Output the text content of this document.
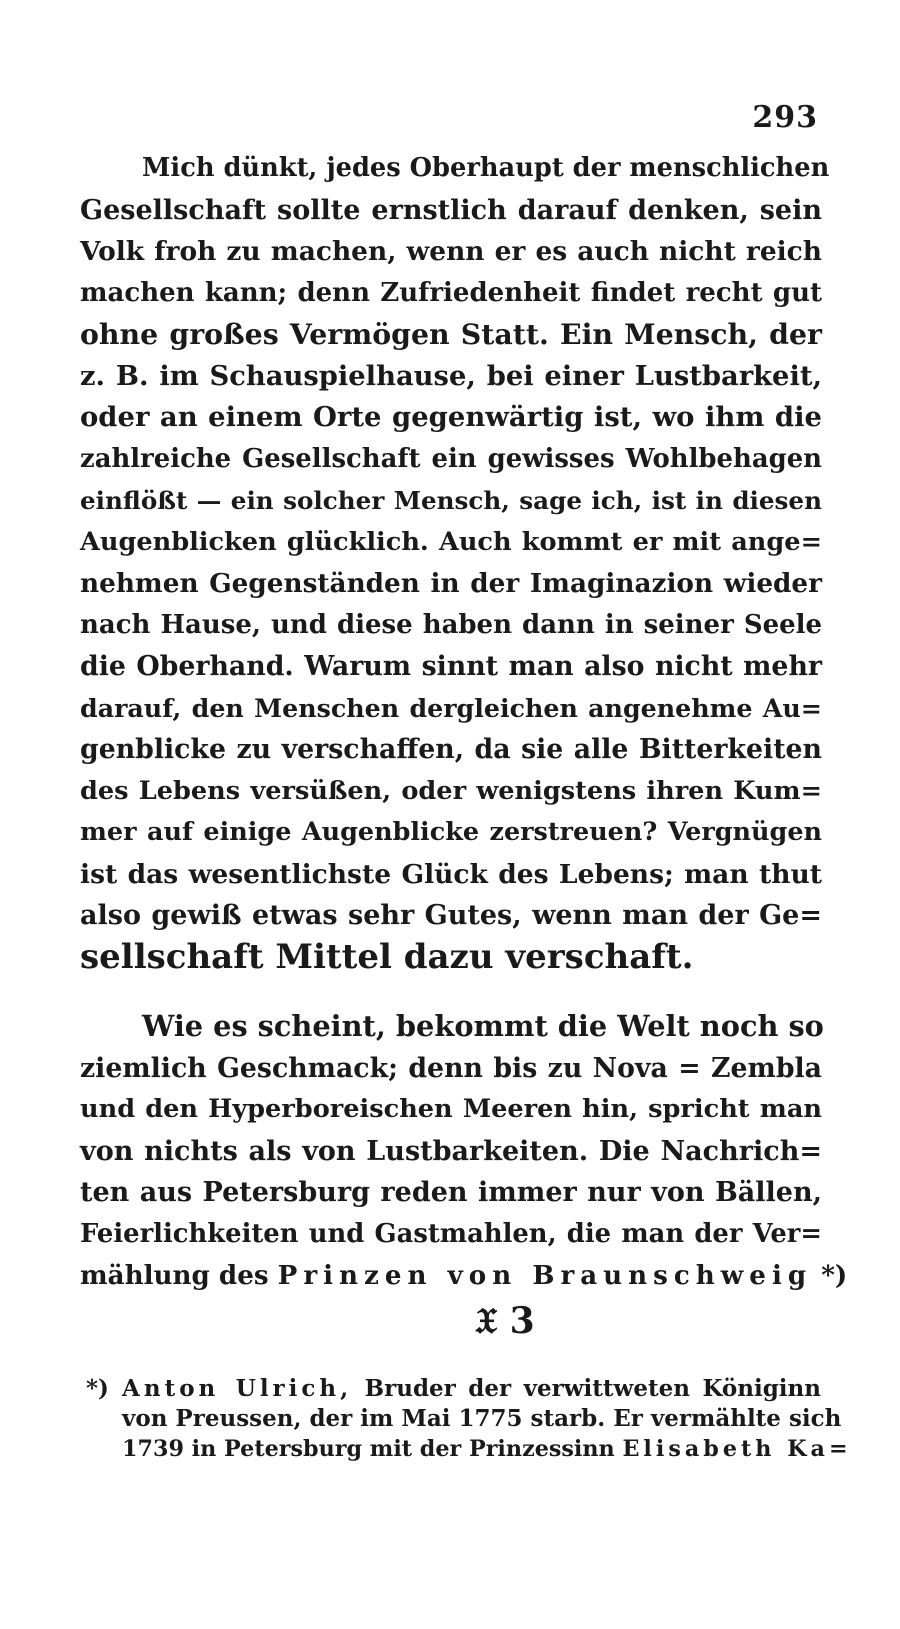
293

Mich dünkt, jedes Oberhaupt der menschlichen
Gesellschaft sollte ernstlich darauf denken, sein
Volk froh zu machen, wenn er es auch nicht reich
machen kann; denn Zufriedenheit findet recht gut
ohne großes Vermögen Statt. Ein Mensch, der
z. B. im Schauspielhause, bei einer Lustbarkeit,
oder an einem Orte gegenwärtig ist, wo ihm die
zahlreiche Gesellschaft ein gewisses Wohlbehagen
einflößt — ein solcher Mensch, sage ich, ist in diesen
Augenblicken glücklich. Auch kommt er mit ange=
nehmen Gegenständen in der Imaginazion wieder
nach Hause, und diese haben dann in seiner Seele
die Oberhand. Warum sinnt man also nicht mehr
darauf, den Menschen dergleichen angenehme Au=
genblicke zu verschaffen, da sie alle Bitterkeiten
des Lebens versüßen, oder wenigstens ihren Kum=
mer auf einige Augenblicke zerstreuen? Vergnügen
ist das wesentlichste Glück des Lebens; man thut
also gewiß etwas sehr Gutes, wenn man der Ge=
sellschaft Mittel dazu verschaft.

Wie es scheint, bekommt die Welt noch so
ziemlich Geschmack; denn bis zu Nova = Zembla
und den Hyperboreischen Meeren hin, spricht man
von nichts als von Lustbarkeiten. Die Nachrich=
ten aus Petersburg reden immer nur von Bällen,
Feierlichkeiten und Gastmahlen, die man der Ver=
mählung des Prinzen von Braunschweig *)

𝔛 3
*) Anton Ulrich, Bruder der verwittweten Königinn
von Preussen, der im Mai 1775 starb. Er vermählte sich
1739 in Petersburg mit der Prinzessinn Elisabeth Ka=
